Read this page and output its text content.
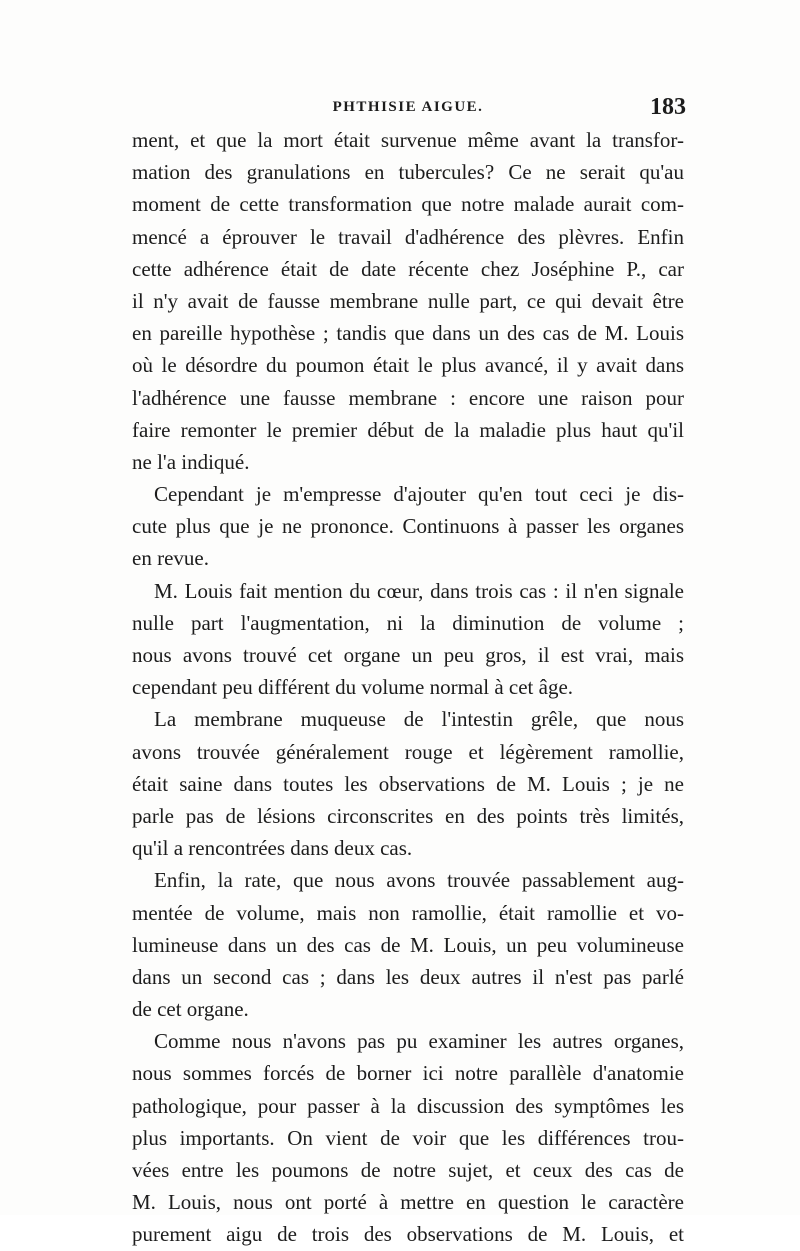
PHTHISIE AIGUE.	183
ment, et que la mort était survenue même avant la transfor-
mation des granulations en tubercules? Ce ne serait qu'au
moment de cette transformation que notre malade aurait com-
mencé a éprouver le travail d'adhérence des plèvres. Enfin
cette adhérence était de date récente chez Joséphine P., car
il n'y avait de fausse membrane nulle part, ce qui devait être
en pareille hypothèse ; tandis que dans un des cas de M. Louis
où le désordre du poumon était le plus avancé, il y avait dans
l'adhérence une fausse membrane : encore une raison pour
faire remonter le premier début de la maladie plus haut qu'il
ne l'a indiqué.
Cependant je m'empresse d'ajouter qu'en tout ceci je dis-
cute plus que je ne prononce. Continuons à passer les organes
en revue.
M. Louis fait mention du cœur, dans trois cas : il n'en signale
nulle part l'augmentation, ni la diminution de volume ;
nous avons trouvé cet organe un peu gros, il est vrai, mais
cependant peu différent du volume normal à cet âge.
La membrane muqueuse de l'intestin grêle, que nous
avons trouvée généralement rouge et légèrement ramollie,
était saine dans toutes les observations de M. Louis ; je ne
parle pas de lésions circonscrites en des points très limités,
qu'il a rencontrées dans deux cas.
Enfin, la rate, que nous avons trouvée passablement aug-
mentée de volume, mais non ramollie, était ramollie et vo-
lumineuse dans un des cas de M. Louis, un peu volumineuse
dans un second cas ; dans les deux autres il n'est pas parlé
de cet organe.
Comme nous n'avons pas pu examiner les autres organes,
nous sommes forcés de borner ici notre parallèle d'anatomie
pathologique, pour passer à la discussion des symptômes les
plus importants. On vient de voir que les différences trou-
vées entre les poumons de notre sujet, et ceux des cas de
M. Louis, nous ont porté à mettre en question le caractère
purement aigu de trois des observations de M. Louis, et
